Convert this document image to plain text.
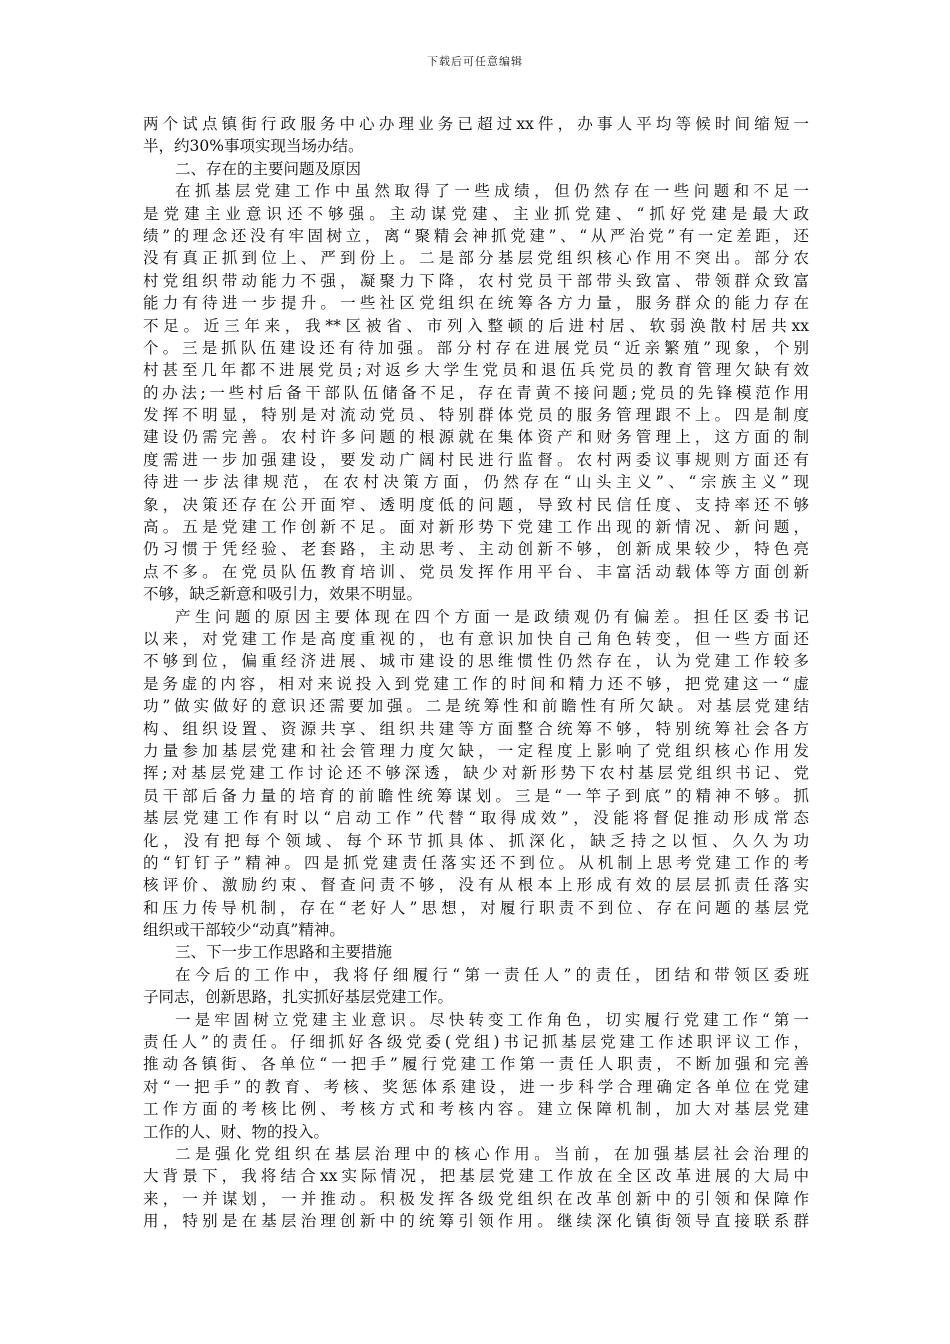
下载后可任意编辑
两个试点镇街行政服务中心办理业务已超过xx件，办事人平均等候时间缩短一
半，约30%事项实现当场办结。
二、存在的主要问题及原因
在抓基层党建工作中虽然取得了一些成绩，但仍然存在一些问题和不足一
是党建主业意识还不够强。主动谋党建、主业抓党建、“抓好党建是最大政
绩”的理念还没有牢固树立，离“聚精会神抓党建”、“从严治党”有一定差距，还
没有真正抓到位上、严到份上。二是部分基层党组织核心作用不突出。部分农
村党组织带动能力不强，凝聚力下降，农村党员干部带头致富、带领群众致富
能力有待进一步提升。一些社区党组织在统筹各方力量，服务群众的能力存在
不足。近三年来，我**区被省、市列入整顿的后进村居、软弱涣散村居共xx
个。三是抓队伍建设还有待加强。部分村存在进展党员“近亲繁殖”现象，个别
村甚至几年都不进展党员;对返乡大学生党员和退伍兵党员的教育管理欠缺有效
的办法;一些村后备干部队伍储备不足，存在青黄不接问题;党员的先锋模范作用
发挥不明显，特别是对流动党员、特别群体党员的服务管理跟不上。四是制度
建设仍需完善。农村许多问题的根源就在集体资产和财务管理上，这方面的制
度需进一步加强建设，要发动广阔村民进行监督。农村两委议事规则方面还有
待进一步法律规范，在农村决策方面，仍然存在“山头主义”、“宗族主义”现
象，决策还存在公开面窄、透明度低的问题，导致村民信任度、支持率还不够
高。五是党建工作创新不足。面对新形势下党建工作出现的新情况、新问题，
仍习惯于凭经验、老套路，主动思考、主动创新不够，创新成果较少，特色亮
点不多。在党员队伍教育培训、党员发挥作用平台、丰富活动载体等方面创新
不够，缺乏新意和吸引力，效果不明显。
产生问题的原因主要体现在四个方面一是政绩观仍有偏差。担任区委书记
以来，对党建工作是高度重视的，也有意识加快自己角色转变，但一些方面还
不够到位，偏重经济进展、城市建设的思维惯性仍然存在，认为党建工作较多
是务虚的内容，相对来说投入到党建工作的时间和精力还不够，把党建这一“虚
功”做实做好的意识还需要加强。二是统筹性和前瞻性有所欠缺。对基层党建结
构、组织设置、资源共享、组织共建等方面整合统筹不够，特别统筹社会各方
力量参加基层党建和社会管理力度欠缺，一定程度上影响了党组织核心作用发
挥;对基层党建工作讨论还不够深透，缺少对新形势下农村基层党组织书记、党
员干部后备力量的培育的前瞻性统筹谋划。三是“一竿子到底”的精神不够。抓
基层党建工作有时以“启动工作”代替“取得成效”，没能将督促推动形成常态
化，没有把每个领域、每个环节抓具体、抓深化，缺乏持之以恒、久久为功
的“钉钉子”精神。四是抓党建责任落实还不到位。从机制上思考党建工作的考
核评价、激励约束、督查问责不够，没有从根本上形成有效的层层抓责任落实
和压力传导机制，存在“老好人”思想，对履行职责不到位、存在问题的基层党
组织或干部较少“动真”精神。
三、下一步工作思路和主要措施
在今后的工作中，我将仔细履行“第一责任人”的责任，团结和带领区委班
子同志，创新思路，扎实抓好基层党建工作。
一是牢固树立党建主业意识。尽快转变工作角色，切实履行党建工作“第一
责任人”的责任。仔细抓好各级党委(党组)书记抓基层党建工作述职评议工作，
推动各镇街、各单位“一把手”履行党建工作第一责任人职责，不断加强和完善
对“一把手”的教育、考核、奖惩体系建设，进一步科学合理确定各单位在党建
工作方面的考核比例、考核方式和考核内容。建立保障机制，加大对基层党建
工作的人、财、物的投入。
二是强化党组织在基层治理中的核心作用。当前，在加强基层社会治理的
大背景下，我将结合xx实际情况，把基层党建工作放在全区改革进展的大局中
来，一并谋划，一并推动。积极发挥各级党组织在改革创新中的引领和保障作
用，特别是在基层治理创新中的统筹引领作用。继续深化镇街领导直接联系群
